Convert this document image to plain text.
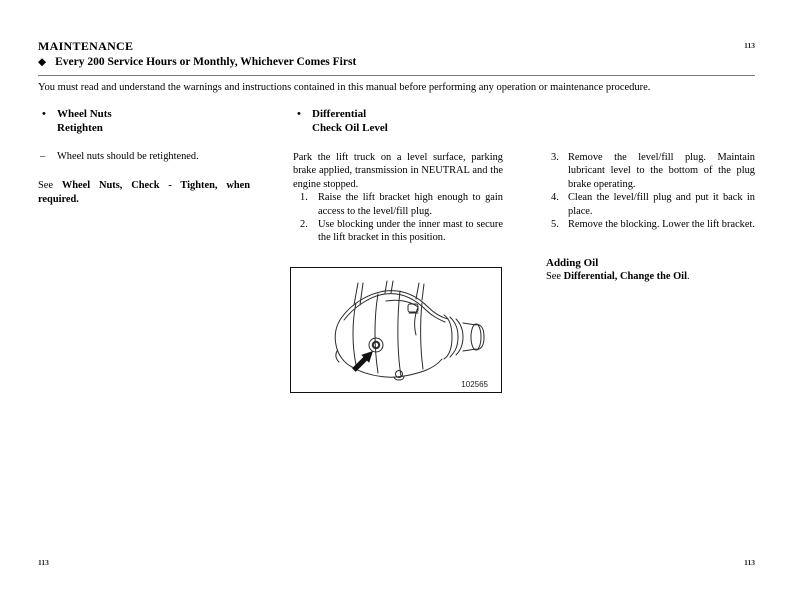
MAINTENANCE	113
◆ Every 200 Service Hours or Monthly, Whichever Comes First
You must read and understand the warnings and instructions contained in this manual before performing any operation or maintenance procedure.
• Wheel Nuts
Retighten
– Wheel nuts should be retightened.
See Wheel Nuts, Check - Tighten, when required.
• Differential
Check Oil Level
Park the lift truck on a level surface, parking brake applied, transmission in NEUTRAL and the engine stopped.
1. Raise the lift bracket high enough to gain access to the level/fill plug.
2. Use blocking under the inner mast to secure the lift bracket in this position.
3. Remove the level/fill plug. Maintain lubricant level to the bottom of the plug brake operating.
4. Clean the level/fill plug and put it back in place.
5. Remove the blocking. Lower the lift bracket.
Adding Oil
See Differential, Change the Oil.
102565
113	113
